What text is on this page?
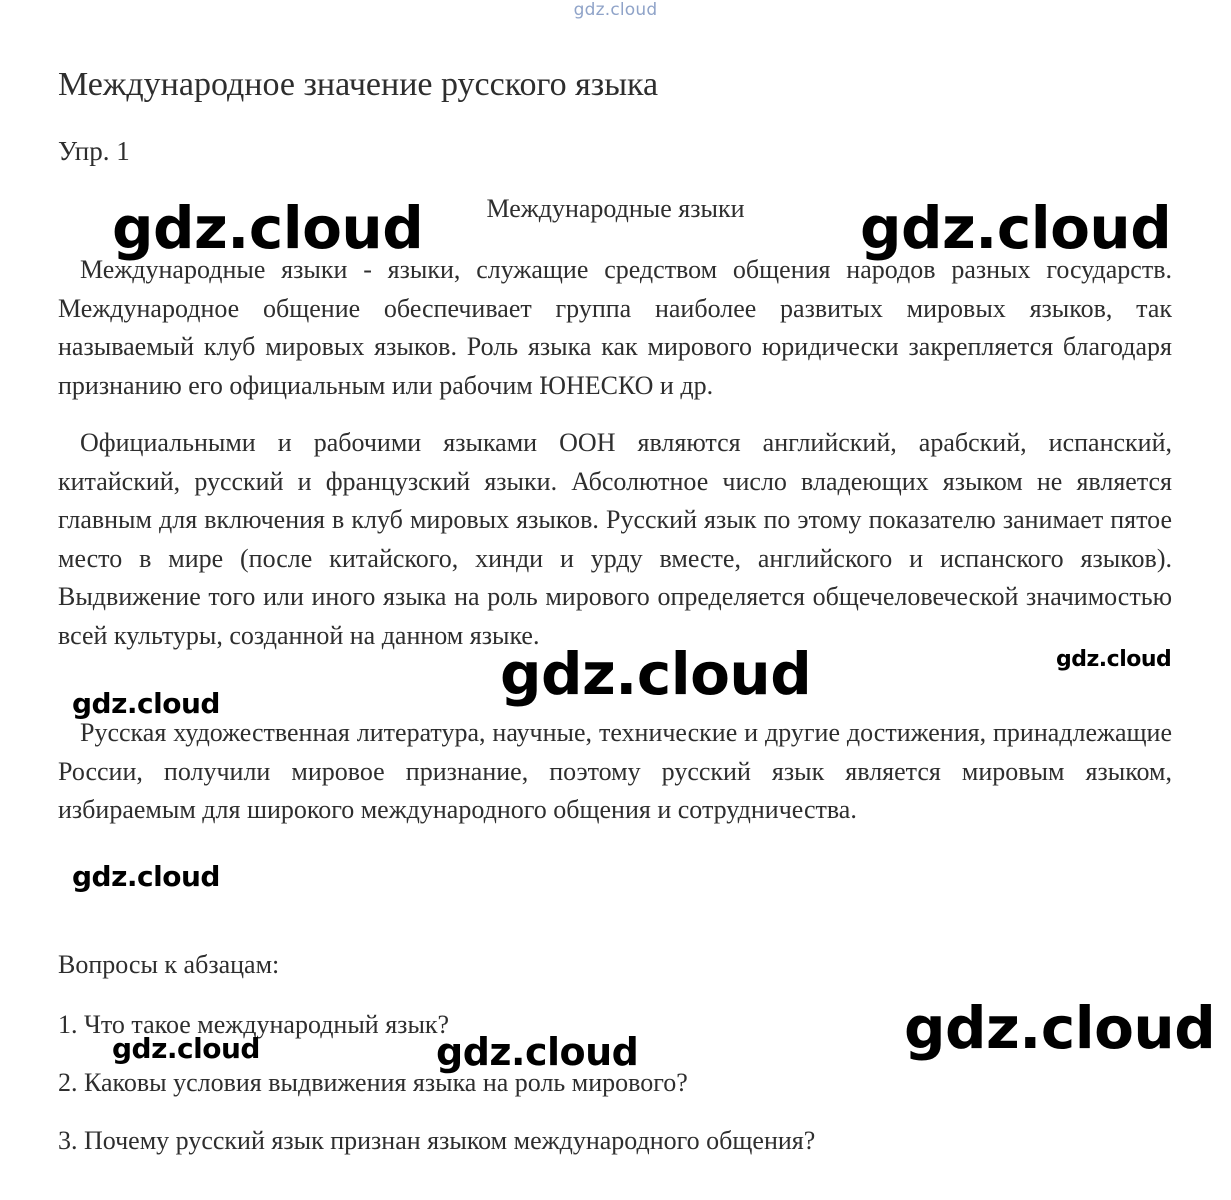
gdz.cloud
Международное значение русского языка
Упр. 1
Международные языки

Международные языки - языки, служащие средством общения народов разных государств. Международное общение обеспечивает группа наиболее развитых мировых языков, так называемый клуб мировых языков. Роль языка как мирового юридически закрепляется благодаря признанию его официальным или рабочим ЮНЕСКО и др.

Официальными и рабочими языками ООН являются английский, арабский, испанский, китайский, русский и французский языки. Абсолютное число владеющих языком не является главным для включения в клуб мировых языков. Русский язык по этому показателю занимает пятое место в мире (после китайского, хинди и урду вместе, английского и испанского языков). Выдвижение того или иного языка на роль мирового определяется общечеловеческой значимостью всей культуры, созданной на данном языке.

Русская художественная литература, научные, технические и другие достижения, принадлежащие России, получили мировое признание, поэтому русский язык является мировым языком, избираемым для широкого международного общения и сотрудничества.

Вопросы к абзацам:
1. Что такое международный язык?
2. Каковы условия выдвижения языка на роль мирового?
3. Почему русский язык признан языком международного общения?
gdz.cloud	gdz.cloud
gdz.cloud	gdz.cloud
gdz.cloud
gdz.cloud
gdz.cloud
gdz.cloud	gdz.cloud
